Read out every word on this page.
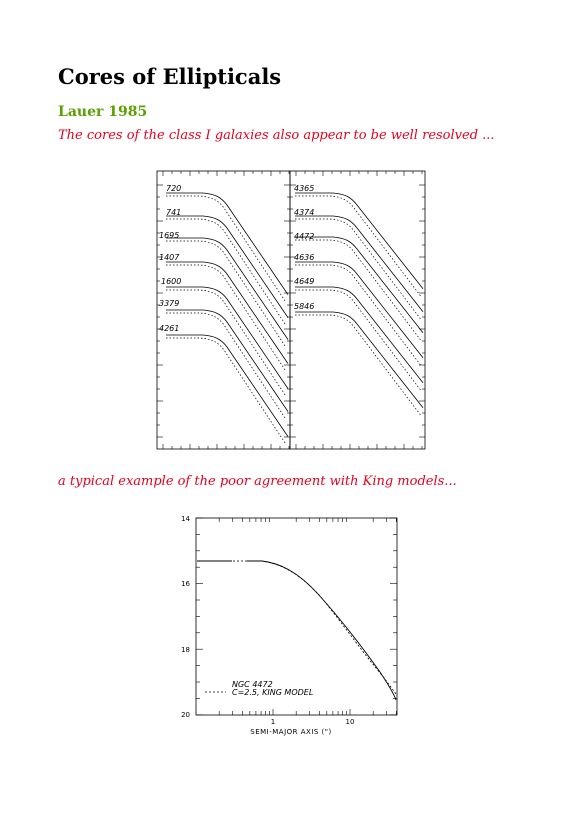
Cores of Ellipticals
Lauer 1985
The cores of the class I galaxies also appear to be well resolved ...
a typical example of the poor agreement with King models...
720
741
1695
1407
1600
3379
4261
4365
4374
4472
4636
4649
5846
14
16
18
20
1	10
SEMI-MAJOR AXIS (")
NGC 4472
C=2.5, KING MODEL
